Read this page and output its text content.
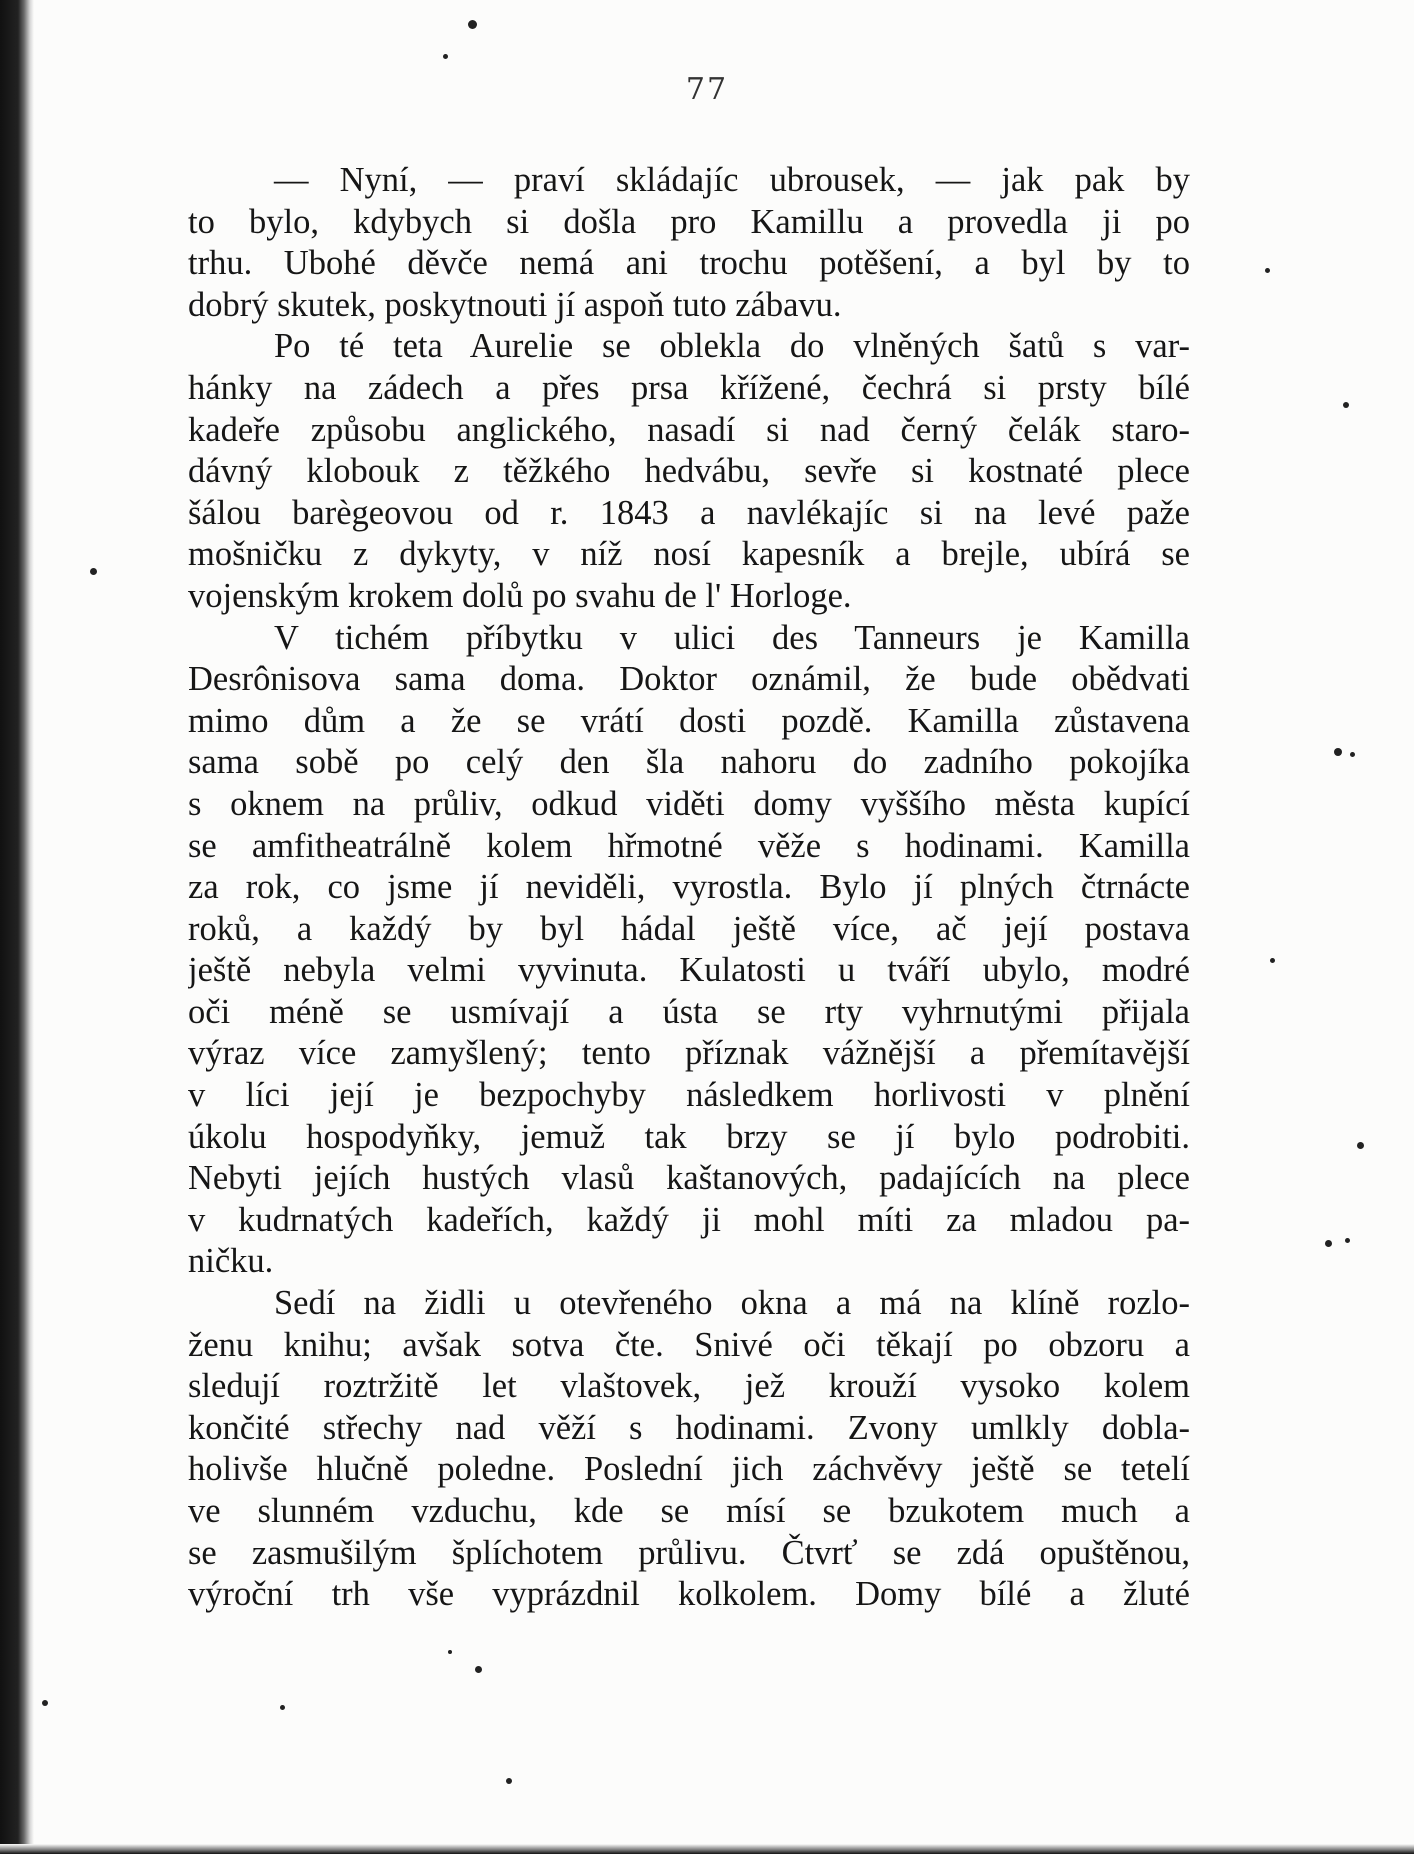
77
— Nyní, — praví skládajíc ubrousek, — jak pak by
to bylo, kdybych si došla pro Kamillu a provedla ji po
trhu. Ubohé děvče nemá ani trochu potěšení, a byl by to
dobrý skutek, poskytnouti jí aspoň tuto zábavu.
Po té teta Aurelie se oblekla do vlněných šatů s var-
hánky na zádech a přes prsa křížené, čechrá si prsty bílé
kadeře způsobu anglického, nasadí si nad černý čelák staro-
dávný klobouk z těžkého hedvábu, sevře si kostnaté plece
šálou barègeovou od r. 1843 a navlékajíc si na levé paže
mošničku z dykyty, v níž nosí kapesník a brejle, ubírá se
vojenským krokem dolů po svahu de l' Horloge.
V tichém příbytku v ulici des Tanneurs je Kamilla
Desrônisova sama doma. Doktor oznámil, že bude obědvati
mimo dům a že se vrátí dosti pozdě. Kamilla zůstavena
sama sobě po celý den šla nahoru do zadního pokojíka
s oknem na průliv, odkud viděti domy vyššího města kupící
se amfitheatrálně kolem hřmotné věže s hodinami. Kamilla
za rok, co jsme jí neviděli, vyrostla. Bylo jí plných čtrnácte
roků, a každý by byl hádal ještě více, ač její postava
ještě nebyla velmi vyvinuta. Kulatosti u tváří ubylo, modré
oči méně se usmívají a ústa se rty vyhrnutými přijala
výraz více zamyšlený; tento příznak vážnější a přemítavější
v líci její je bezpochyby následkem horlivosti v plnění
úkolu hospodyňky, jemuž tak brzy se jí bylo podrobiti.
Nebyti jejích hustých vlasů kaštanových, padajících na plece
v kudrnatých kadeřích, každý ji mohl míti za mladou pa-
ničku.
Sedí na židli u otevřeného okna a má na klíně rozlo-
ženu knihu; avšak sotva čte. Snivé oči těkají po obzoru a
sledují roztržitě let vlaštovek, jež krouží vysoko kolem
končité střechy nad věží s hodinami. Zvony umlkly dobla-
holivše hlučně poledne. Poslední jich záchvěvy ještě se tetelí
ve slunném vzduchu, kde se mísí se bzukotem much a
se zasmušilým šplíchotem průlivu. Čtvrť se zdá opuštěnou,
výroční trh vše vyprázdnil kolkolem. Domy bílé a žluté
